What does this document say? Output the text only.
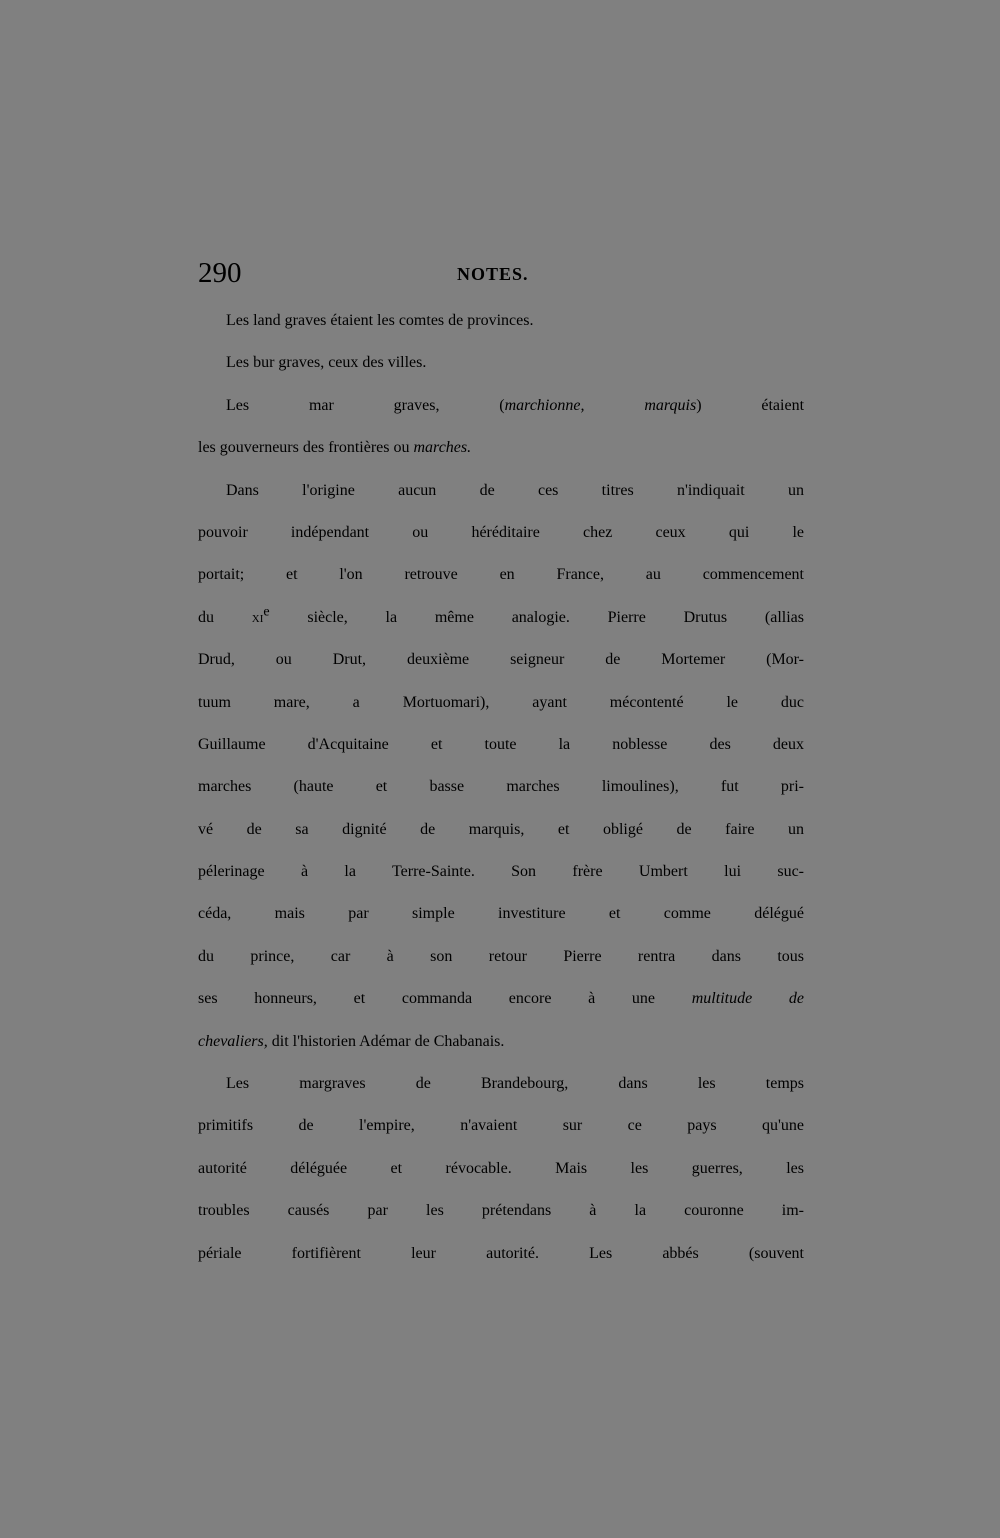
290	NOTES.
Les land graves étaient les comtes de provinces.
Les bur graves, ceux des villes.
Les mar graves, (marchionne, marquis) étaient
les gouverneurs des frontières ou marches.
Dans l'origine aucun de ces titres n'indiquait un
pouvoir indépendant ou héréditaire chez ceux qui le
portait; et l'on retrouve en France, au commencement
du $xi^e$ siècle, la même analogie. Pierre Drutus (allias
Drud, ou Drut, deuxième seigneur de Mortemer (Mor-
tuum mare, a Mortuomari), ayant mécontenté le duc
Guillaume d'Acquitaine et toute la noblesse des deux
marches (haute et basse marches limoulines), fut pri-
vé de sa dignité de marquis, et obligé de faire un
pélerinage à la Terre-Sainte. Son frère Umbert lui suc-
céda, mais par simple investiture et comme délégué
du prince, car à son retour Pierre rentra dans tous
ses honneurs, et commanda encore à une multitude de
chevaliers, dit l'historien Adémar de Chabanais.
Les margraves de Brandebourg, dans les temps
primitifs de l'empire, n'avaient sur ce pays qu'une
autorité déléguée et révocable. Mais les guerres, les
troubles causés par les prétendans à la couronne im-
périale fortifièrent leur autorité. Les abbés (souvent
